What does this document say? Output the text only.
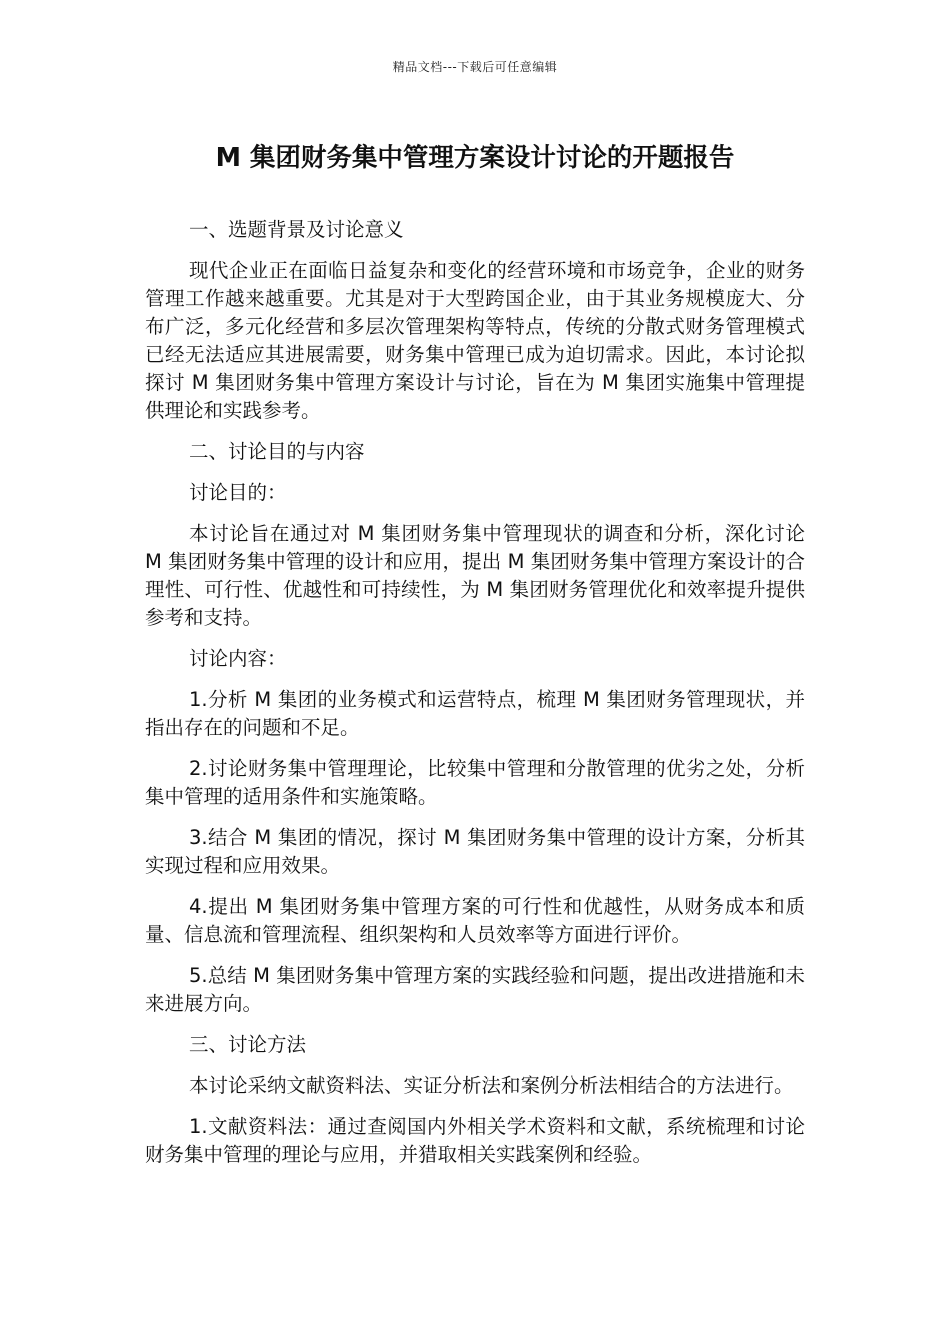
精品文档---下载后可任意编辑
M 集团财务集中管理方案设计讨论的开题报告

一、选题背景及讨论意义

现代企业正在面临日益复杂和变化的经营环境和市场竞争，企业的财务管理工作越来越重要。尤其是对于大型跨国企业，由于其业务规模庞大、分布广泛，多元化经营和多层次管理架构等特点，传统的分散式财务管理模式已经无法适应其进展需要，财务集中管理已成为迫切需求。因此，本讨论拟探讨 M 集团财务集中管理方案设计与讨论，旨在为 M 集团实施集中管理提供理论和实践参考。

二、讨论目的与内容

讨论目的：

本讨论旨在通过对 M 集团财务集中管理现状的调查和分析，深化讨论 M 集团财务集中管理的设计和应用，提出 M 集团财务集中管理方案设计的合理性、可行性、优越性和可持续性，为 M 集团财务管理优化和效率提升提供参考和支持。

讨论内容：

1.分析 M 集团的业务模式和运营特点，梳理 M 集团财务管理现状，并指出存在的问题和不足。

2.讨论财务集中管理理论，比较集中管理和分散管理的优劣之处，分析集中管理的适用条件和实施策略。

3.结合 M 集团的情况，探讨 M 集团财务集中管理的设计方案，分析其实现过程和应用效果。

4.提出 M 集团财务集中管理方案的可行性和优越性，从财务成本和质量、信息流和管理流程、组织架构和人员效率等方面进行评价。

5.总结 M 集团财务集中管理方案的实践经验和问题，提出改进措施和未来进展方向。

三、讨论方法

本讨论采纳文献资料法、实证分析法和案例分析法相结合的方法进行。

1.文献资料法：通过查阅国内外相关学术资料和文献，系统梳理和讨论财务集中管理的理论与应用，并猎取相关实践案例和经验。
